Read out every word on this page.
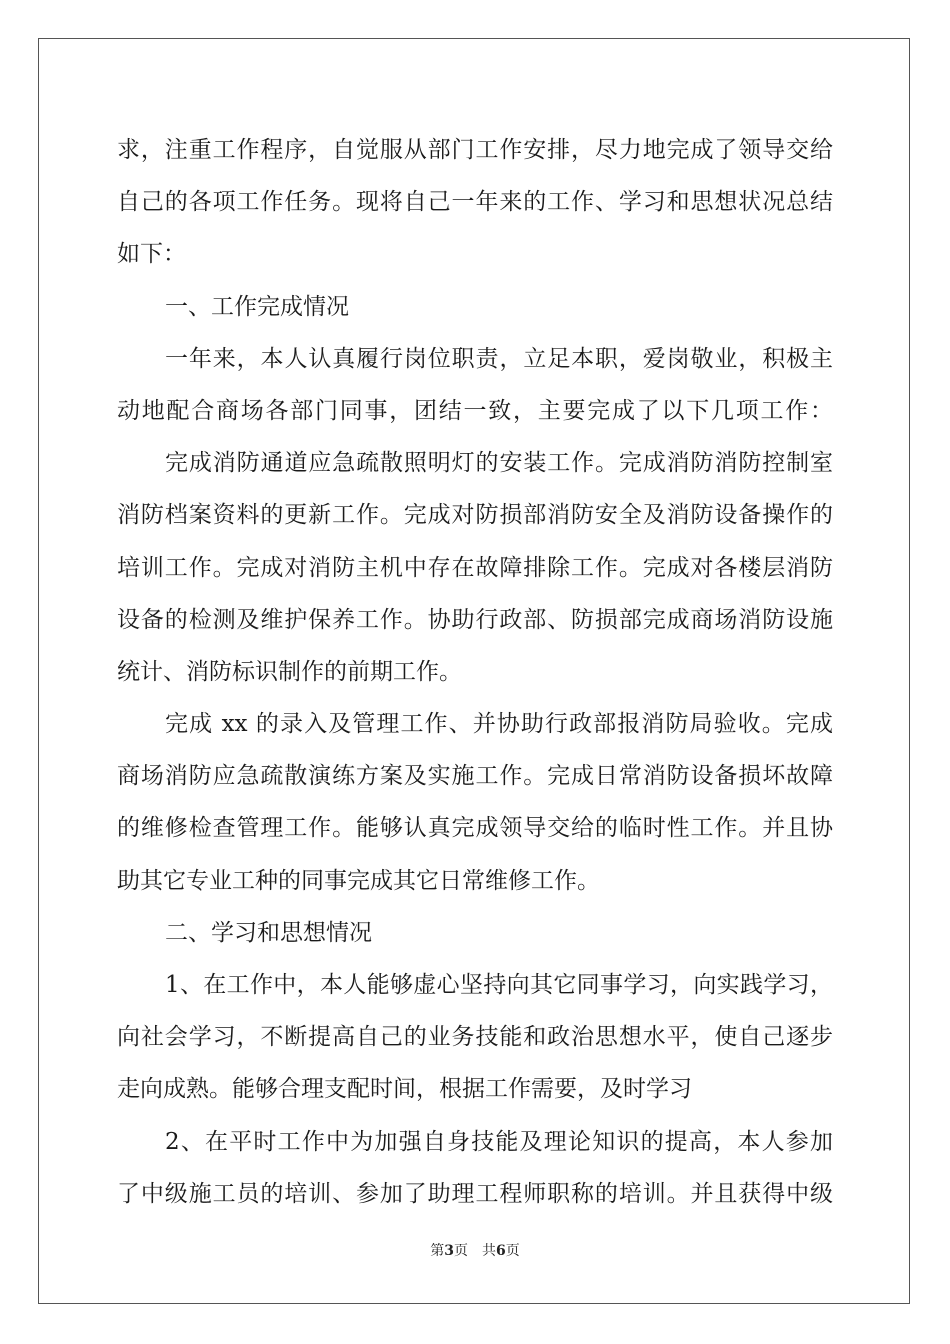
求，注重工作程序，自觉服从部门工作安排，尽力地完成了领导交给
自己的各项工作任务。现将自己一年来的工作、学习和思想状况总结
如下：
一、工作完成情况
一年来，本人认真履行岗位职责，立足本职，爱岗敬业，积极主
动地配合商场各部门同事，团结一致，主要完成了以下几项工作：
完成消防通道应急疏散照明灯的安装工作。完成消防消防控制室
消防档案资料的更新工作。完成对防损部消防安全及消防设备操作的
培训工作。完成对消防主机中存在故障排除工作。完成对各楼层消防
设备的检测及维护保养工作。协助行政部、防损部完成商场消防设施
统计、消防标识制作的前期工作。
完成 xx 的录入及管理工作、并协助行政部报消防局验收。完成
商场消防应急疏散演练方案及实施工作。完成日常消防设备损坏故障
的维修检查管理工作。能够认真完成领导交给的临时性工作。并且协
助其它专业工种的同事完成其它日常维修工作。
二、学习和思想情况
1、在工作中，本人能够虚心坚持向其它同事学习，向实践学习，
向社会学习，不断提高自己的业务技能和政治思想水平，使自己逐步
走向成熟。能够合理支配时间，根据工作需要，及时学习
2、在平时工作中为加强自身技能及理论知识的提高，本人参加
了中级施工员的培训、参加了助理工程师职称的培训。并且获得中级
第3页 共6页
